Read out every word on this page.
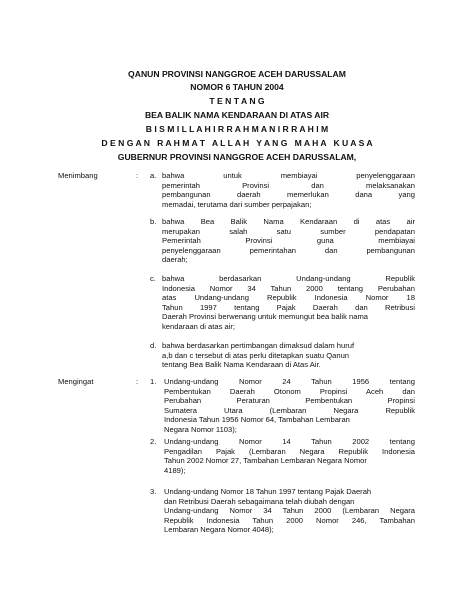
QANUN PROVINSI NANGGROE ACEH DARUSSALAM
NOMOR 6 TAHUN 2004
T E N T A N G
BEA BALIK NAMA KENDARAAN DI ATAS AIR
B I S M I L L A H I R R A H M A N I R R A H I M
D E N G A N   R A H M A T   A L L A H   Y A N G   M A H A   K U A S A
GUBERNUR PROVINSI NANGGROE ACEH DARUSSALAM,
Menimbang	: a. bahwa untuk membiayai penyelenggaraan
pemerintah Provinsi dan melaksanakan
pembangunan daerah memerlukan dana yang
memadai, terutama dari sumber perpajakan;
b. bahwa Bea Balik Nama Kendaraan di atas air
merupakan salah satu sumber pendapatan
Pemerintah Provinsi guna membiayai
penyelenggaraan pemerintahan dan pembangunan
daerah;
c. bahwa berdasarkan Undang-undang Republik
Indonesia Nomor 34 Tahun 2000 tentang Perubahan
atas Undang-undang Republik Indonesia Nomor 18
Tahun 1997 tentang Pajak Daerah dan Retribusi
Daerah Provinsi berwenang untuk memungut bea balik nama
kendaraan di atas air;
d. bahwa berdasarkan pertimbangan dimaksud dalam huruf
a,b dan c tersebut di atas perlu ditetapkan suatu Qanun
tentang Bea Balik Nama Kendaraan di Atas Air.
Mengingat	: 1. Undang-undang Nomor 24 Tahun 1956 tentang
Pembentukan Daerah Otonom Propinsi Aceh dan
Perubahan Peraturan Pembentukan Propinsi
Sumatera Utara (Lembaran Negara Republik
Indonesia Tahun 1956 Nomor 64, Tambahan Lembaran
Negara Nomor 1103);
2. Undang-undang Nomor 14 Tahun 2002 tentang
Pengadilan Pajak (Lembaran Negara Republik Indonesia
Tahun 2002 Nomor 27, Tambahan Lembaran Negara Nomor
4189);
3. Undang-undang Nomor 18 Tahun 1997 tentang Pajak Daerah
dan Retribusi Daerah sebagaimana telah diubah dengan
Undang-undang Nomor 34 Tahun 2000 (Lembaran Negara
Republik Indonesia Tahun 2000 Nomor 246, Tambahan
Lembaran Negara Nomor 4048);
